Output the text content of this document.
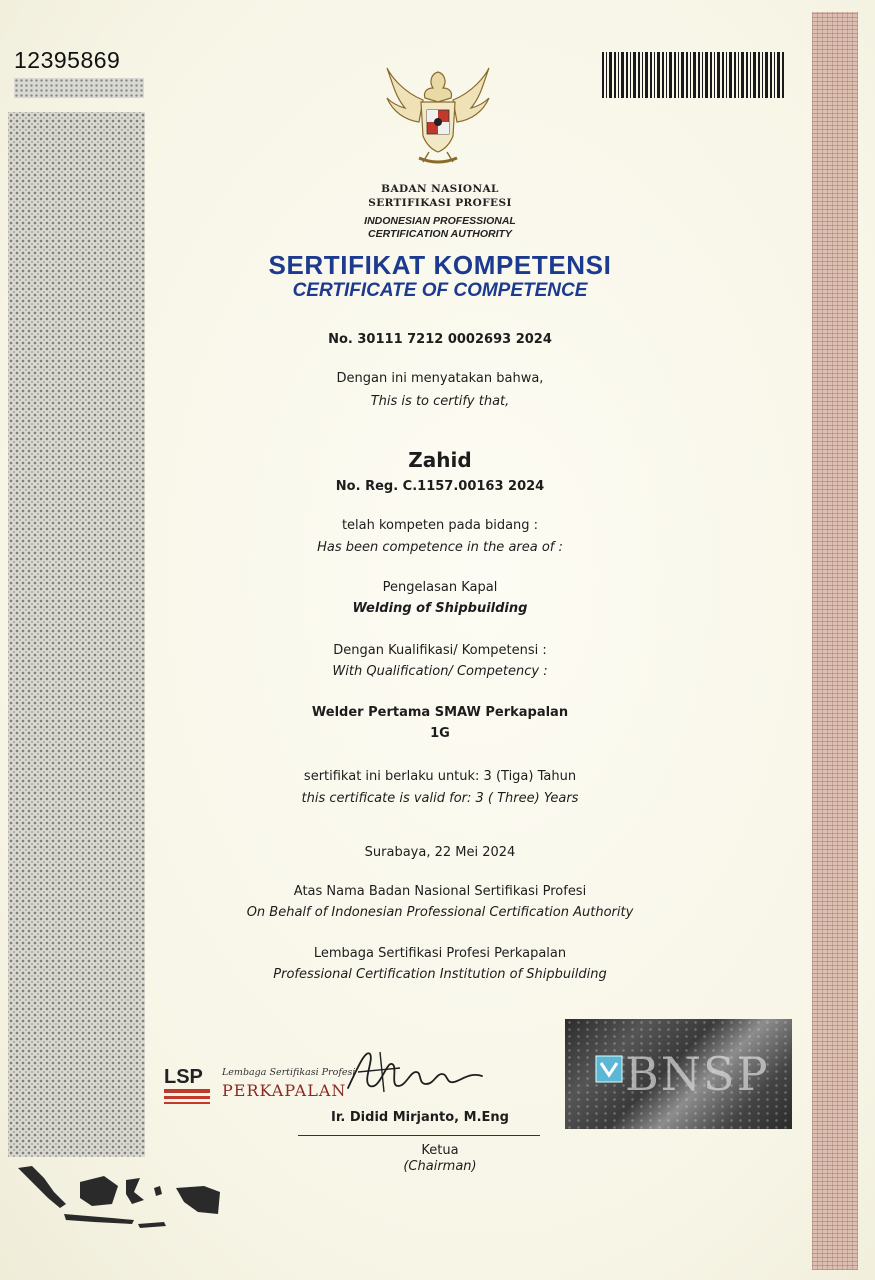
12395869
BADAN NASIONAL
SERTIFIKASI PROFESI
INDONESIAN PROFESSIONAL
CERTIFICATION AUTHORITY
SERTIFIKAT KOMPETENSI
CERTIFICATE OF COMPETENCE
No. 30111 7212 0002693 2024
Dengan ini menyatakan bahwa,
This is to certify that,
Zahid
No. Reg. C.1157.00163 2024
telah kompeten pada bidang :
Has been competence in the area of :
Pengelasan Kapal
Welding of Shipbuilding
Dengan Kualifikasi/ Kompetensi :
With Qualification/ Competency :
Welder Pertama SMAW Perkapalan
1G
sertifikat ini berlaku untuk: 3 (Tiga) Tahun
this certificate is valid for: 3 ( Three) Years
Surabaya, 22 Mei 2024
Atas Nama Badan Nasional Sertifikasi Profesi
On Behalf of Indonesian Professional Certification Authority
Lembaga Sertifikasi Profesi Perkapalan
Professional Certification Institution of Shipbuilding
LSP Lembaga Sertifikasi Profesi
PERKAPALAN
Ir. Didid Mirjanto, M.Eng
Ketua
(Chairman)
BNSP
